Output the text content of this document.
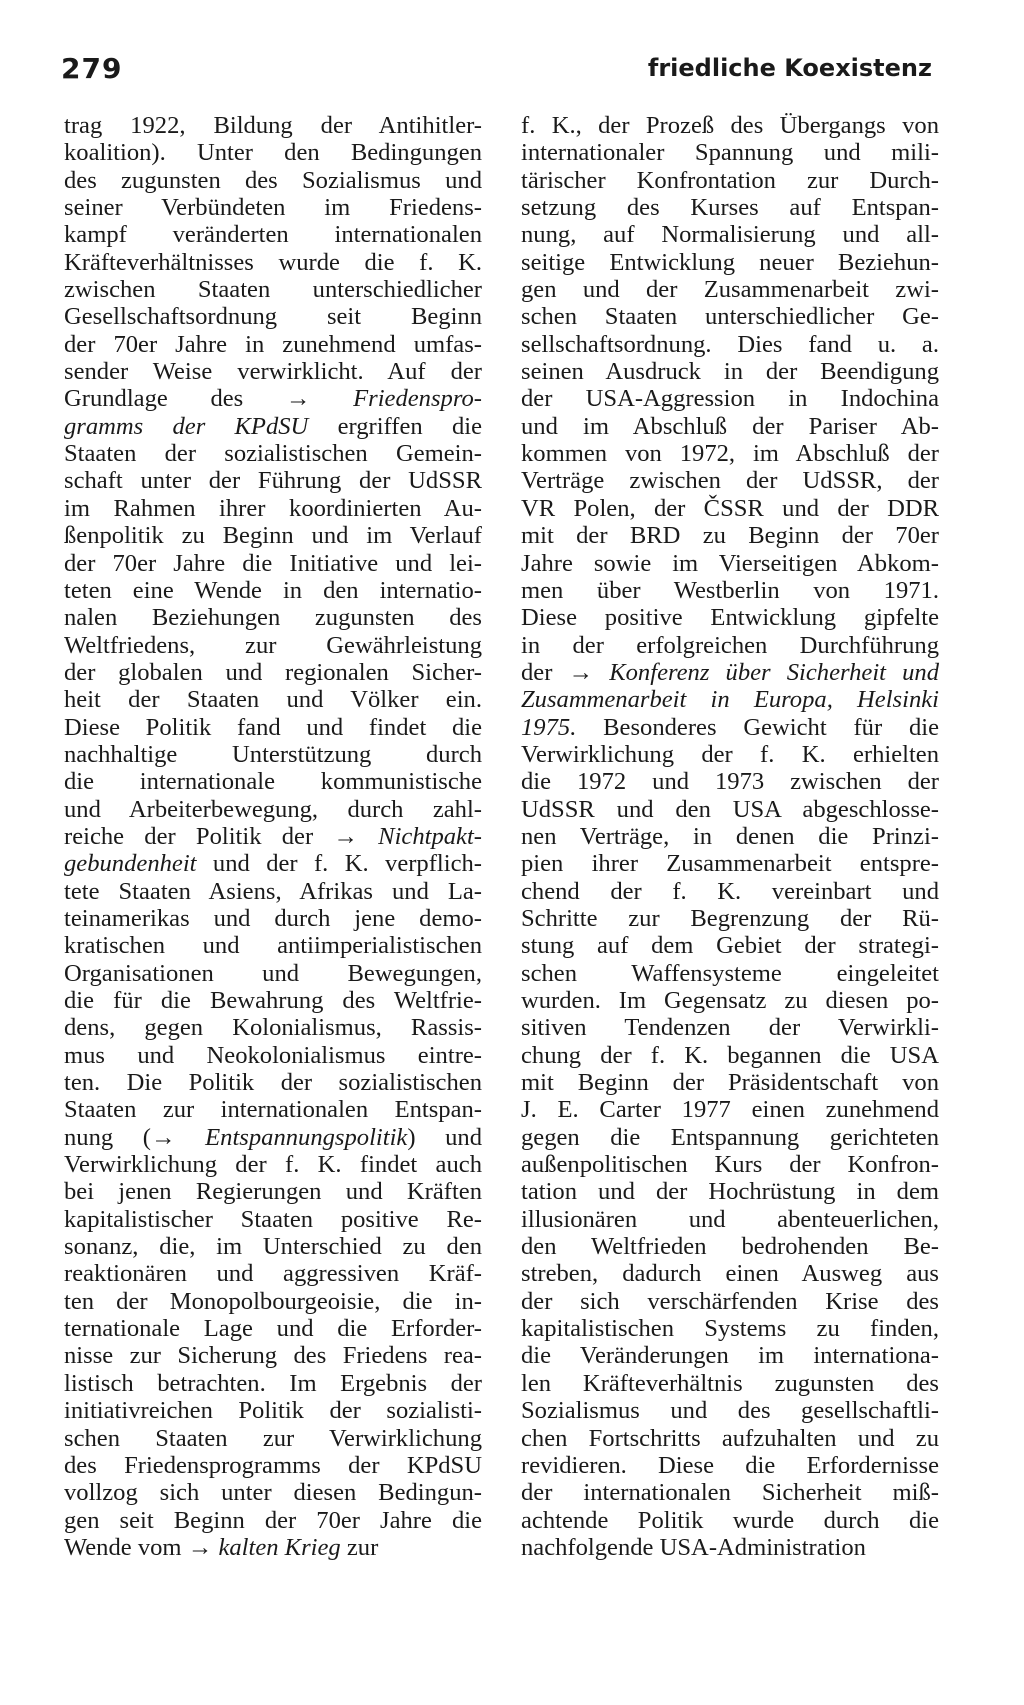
279	friedliche Koexistenz
trag 1922, Bildung der Antihitler-
koalition). Unter den Bedingungen
des zugunsten des Sozialismus und
seiner Verbündeten im Friedens-
kampf veränderten internationalen
Kräfteverhältnisses wurde die f. K.
zwischen Staaten unterschiedlicher
Gesellschaftsordnung seit Beginn
der 70er Jahre in zunehmend umfas-
sender Weise verwirklicht. Auf der
Grundlage des → Friedenspro-
gramms der KPdSU ergriffen die
Staaten der sozialistischen Gemein-
schaft unter der Führung der UdSSR
im Rahmen ihrer koordinierten Au-
ßenpolitik zu Beginn und im Verlauf
der 70er Jahre die Initiative und lei-
teten eine Wende in den internatio-
nalen Beziehungen zugunsten des
Weltfriedens, zur Gewährleistung
der globalen und regionalen Sicher-
heit der Staaten und Völker ein.
Diese Politik fand und findet die
nachhaltige Unterstützung durch
die internationale kommunistische
und Arbeiterbewegung, durch zahl-
reiche der Politik der → Nichtpakt-
gebundenheit und der f. K. verpflich-
tete Staaten Asiens, Afrikas und La-
teinamerikas und durch jene demo-
kratischen und antiimperialistischen
Organisationen und Bewegungen,
die für die Bewahrung des Weltfrie-
dens, gegen Kolonialismus, Rassis-
mus und Neokolonialismus eintre-
ten. Die Politik der sozialistischen
Staaten zur internationalen Entspan-
nung (→ Entspannungspolitik) und
Verwirklichung der f. K. findet auch
bei jenen Regierungen und Kräften
kapitalistischer Staaten positive Re-
sonanz, die, im Unterschied zu den
reaktionären und aggressiven Kräf-
ten der Monopolbourgeoisie, die in-
ternationale Lage und die Erforder-
nisse zur Sicherung des Friedens rea-
listisch betrachten. Im Ergebnis der
initiativreichen Politik der sozialisti-
schen Staaten zur Verwirklichung
des Friedensprogramms der KPdSU
vollzog sich unter diesen Bedingun-
gen seit Beginn der 70er Jahre die
Wende vom → kalten Krieg zur
f. K., der Prozeß des Übergangs von
internationaler Spannung und mili-
tärischer Konfrontation zur Durch-
setzung des Kurses auf Entspan-
nung, auf Normalisierung und all-
seitige Entwicklung neuer Beziehun-
gen und der Zusammenarbeit zwi-
schen Staaten unterschiedlicher Ge-
sellschaftsordnung. Dies fand u. a.
seinen Ausdruck in der Beendigung
der USA-Aggression in Indochina
und im Abschluß der Pariser Ab-
kommen von 1972, im Abschluß der
Verträge zwischen der UdSSR, der
VR Polen, der ČSSR und der DDR
mit der BRD zu Beginn der 70er
Jahre sowie im Vierseitigen Abkom-
men über Westberlin von 1971.
Diese positive Entwicklung gipfelte
in der erfolgreichen Durchführung
der → Konferenz über Sicherheit und
Zusammenarbeit in Europa, Helsinki
1975. Besonderes Gewicht für die
Verwirklichung der f. K. erhielten
die 1972 und 1973 zwischen der
UdSSR und den USA abgeschlosse-
nen Verträge, in denen die Prinzi-
pien ihrer Zusammenarbeit entspre-
chend der f. K. vereinbart und
Schritte zur Begrenzung der Rü-
stung auf dem Gebiet der strategi-
schen Waffensysteme eingeleitet
wurden. Im Gegensatz zu diesen po-
sitiven Tendenzen der Verwirkli-
chung der f. K. begannen die USA
mit Beginn der Präsidentschaft von
J. E. Carter 1977 einen zunehmend
gegen die Entspannung gerichteten
außenpolitischen Kurs der Konfron-
tation und der Hochrüstung in dem
illusionären und abenteuerlichen,
den Weltfrieden bedrohenden Be-
streben, dadurch einen Ausweg aus
der sich verschärfenden Krise des
kapitalistischen Systems zu finden,
die Veränderungen im internationa-
len Kräfteverhältnis zugunsten des
Sozialismus und des gesellschaftli-
chen Fortschritts aufzuhalten und zu
revidieren. Diese die Erfordernisse
der internationalen Sicherheit miß-
achtende Politik wurde durch die
nachfolgende USA-Administration
